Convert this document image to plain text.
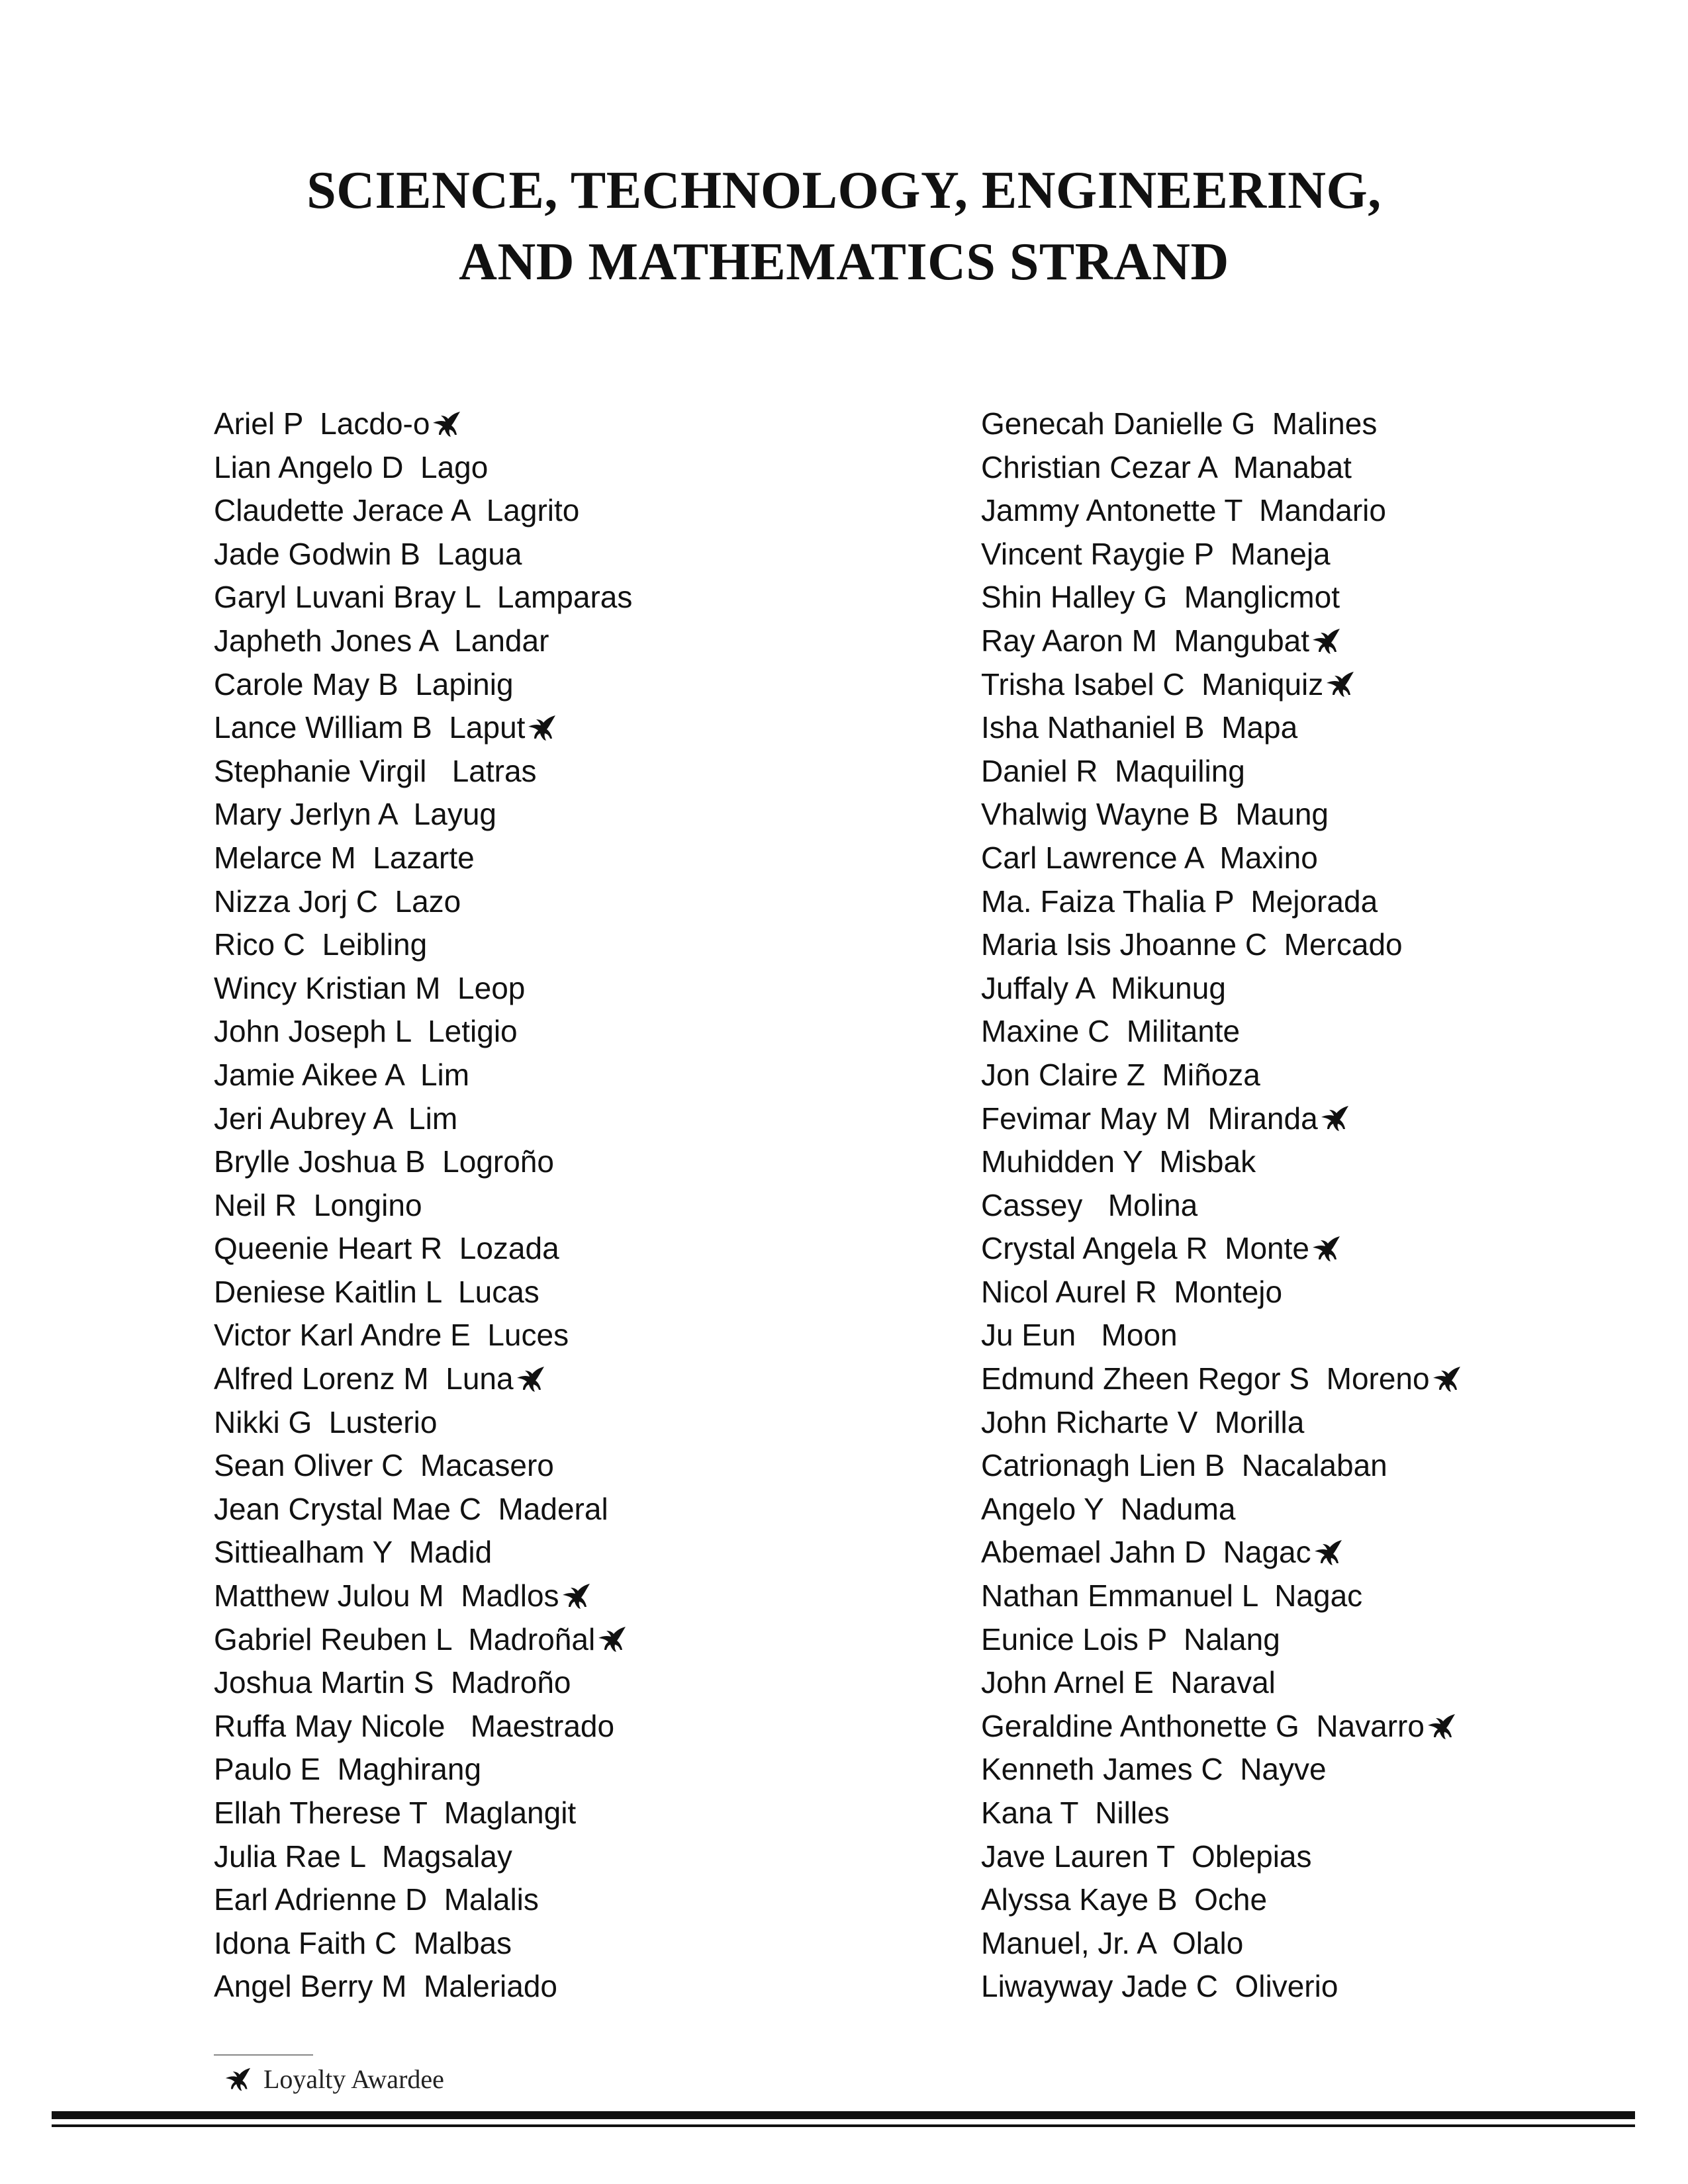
SCIENCE, TECHNOLOGY, ENGINEERING,
AND MATHEMATICS STRAND
Ariel P  Lacdo-o
Lian Angelo D  Lago
Claudette Jerace A  Lagrito
Jade Godwin B  Lagua
Garyl Luvani Bray L  Lamparas
Japheth Jones A  Landar
Carole May B  Lapinig
Lance William B  Laput
Stephanie Virgil   Latras
Mary Jerlyn A  Layug
Melarce M  Lazarte
Nizza Jorj C  Lazo
Rico C  Leibling
Wincy Kristian M  Leop
John Joseph L  Letigio
Jamie Aikee A  Lim
Jeri Aubrey A  Lim
Brylle Joshua B  Logroño
Neil R  Longino
Queenie Heart R  Lozada
Deniese Kaitlin L  Lucas
Victor Karl Andre E  Luces
Alfred Lorenz M  Luna
Nikki G  Lusterio
Sean Oliver C  Macasero
Jean Crystal Mae C  Maderal
Sittiealham Y  Madid
Matthew Julou M  Madlos
Gabriel Reuben L  Madroñal
Joshua Martin S  Madroño
Ruffa May Nicole   Maestrado
Paulo E  Maghirang
Ellah Therese T  Maglangit
Julia Rae L  Magsalay
Earl Adrienne D  Malalis
Idona Faith C  Malbas
Angel Berry M  Maleriado
Genecah Danielle G  Malines
Christian Cezar A  Manabat
Jammy Antonette T  Mandario
Vincent Raygie P  Maneja
Shin Halley G  Manglicmot
Ray Aaron M  Mangubat
Trisha Isabel C  Maniquiz
Isha Nathaniel B  Mapa
Daniel R  Maquiling
Vhalwig Wayne B  Maung
Carl Lawrence A  Maxino
Ma. Faiza Thalia P  Mejorada
Maria Isis Jhoanne C  Mercado
Juffaly A  Mikunug
Maxine C  Militante
Jon Claire Z  Miñoza
Fevimar May M  Miranda
Muhidden Y  Misbak
Cassey   Molina
Crystal Angela R  Monte
Nicol Aurel R  Montejo
Ju Eun   Moon
Edmund Zheen Regor S  Moreno
John Richarte V  Morilla
Catrionagh Lien B  Nacalaban
Angelo Y  Naduma
Abemael Jahn D  Nagac
Nathan Emmanuel L  Nagac
Eunice Lois P  Nalang
John Arnel E  Naraval
Geraldine Anthonette G  Navarro
Kenneth James C  Nayve
Kana T  Nilles
Jave Lauren T  Oblepias
Alyssa Kaye B  Oche
Manuel, Jr. A  Olalo
Liwayway Jade C  Oliverio
Loyalty Awardee
